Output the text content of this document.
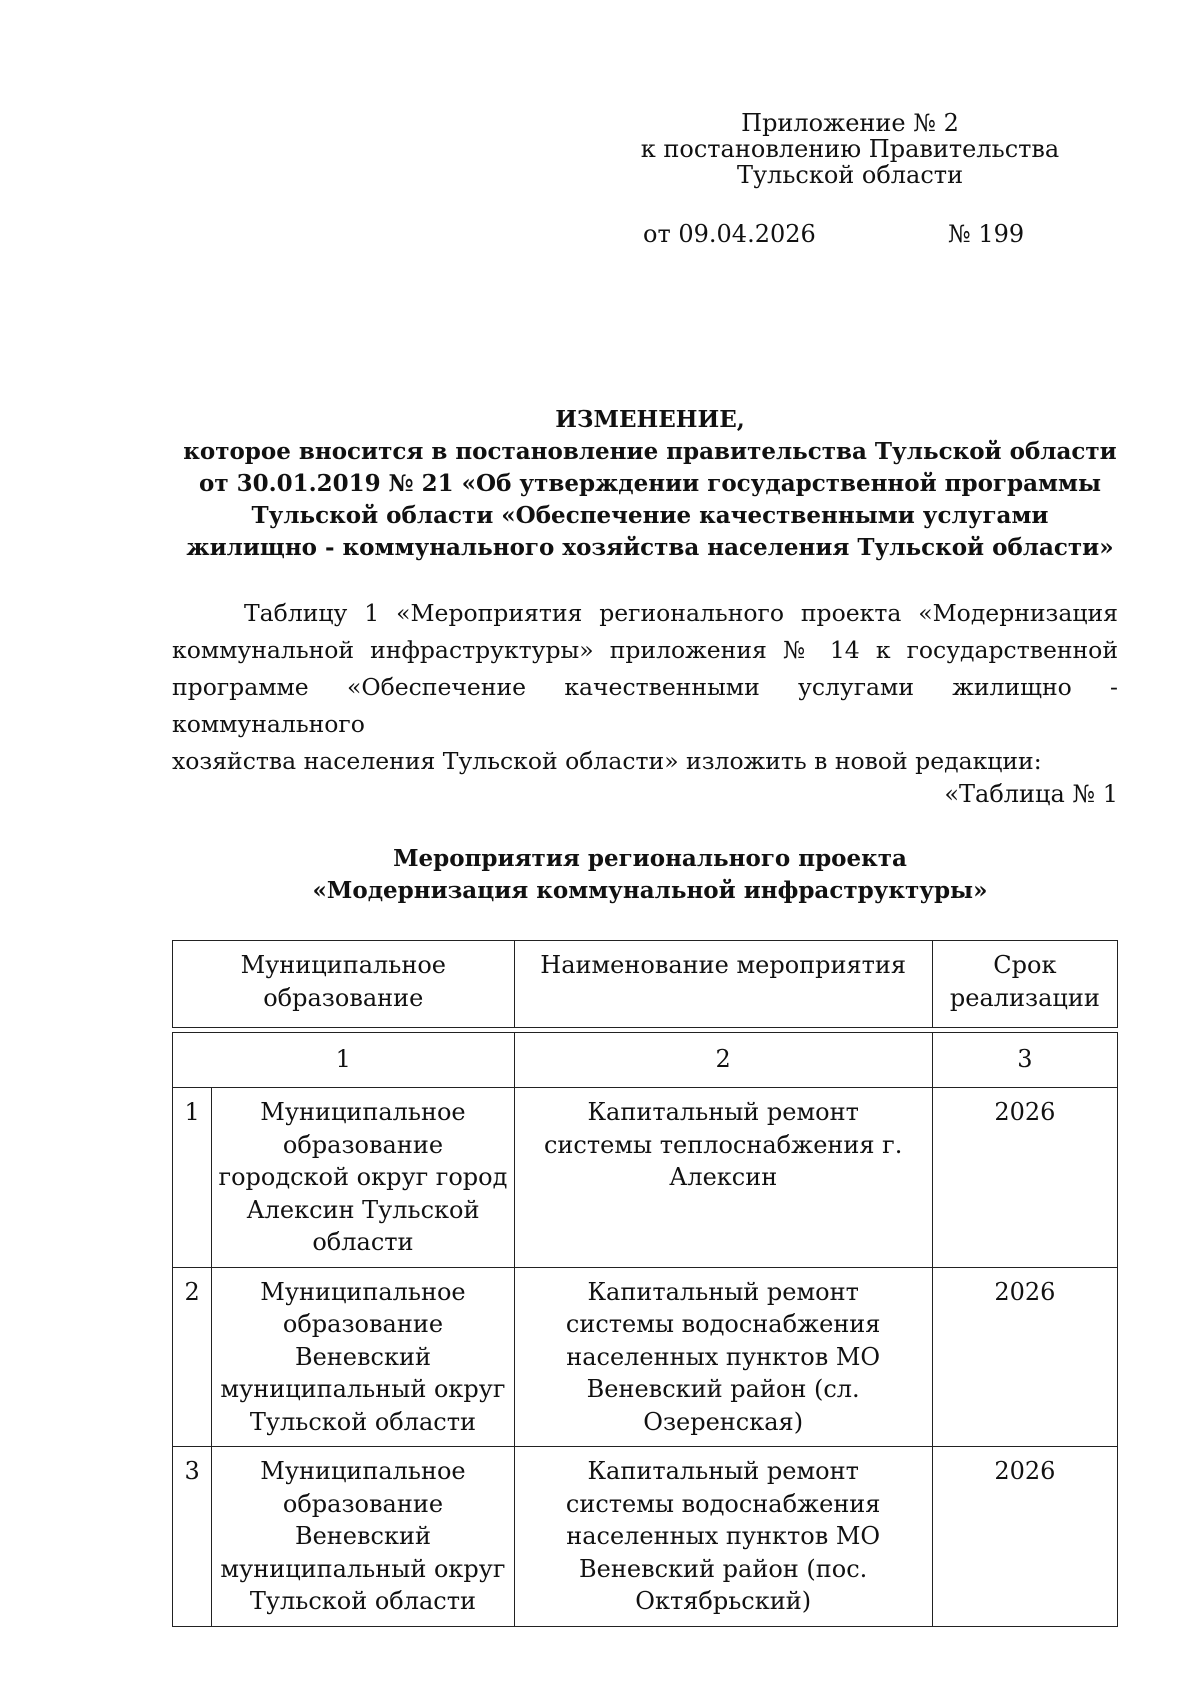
Приложение № 2
к постановлению Правительства
Тульской области
от 09.04.2026	№ 199
ИЗМЕНЕНИЕ,
которое вносится в постановление правительства Тульской области
от 30.01.2019 № 21 «Об утверждении государственной программы
Тульской области «Обеспечение качественными услугами
жилищно - коммунального хозяйства населения Тульской области»
Таблицу 1 «Мероприятия регионального проекта «Модернизация
коммунальной инфраструктуры» приложения № 14 к государственной
программе «Обеспечение качественными услугами жилищно - коммунального
хозяйства населения Тульской области» изложить в новой редакции:
«Таблица № 1
Мероприятия регионального проекта
«Модернизация коммунальной инфраструктуры»
Муниципальное образование		Наименование мероприятия	Срок реализации

1		2	3
1	Муниципальное образование городской округ город Алексин Тульской области	Капитальный ремонт системы теплоснабжения г. Алексин	2026
2	Муниципальное образование Веневский муниципальный округ Тульской области	Капитальный ремонт системы водоснабжения населенных пунктов МО Веневский район (сл. Озеренская)	2026
3	Муниципальное образование Веневский муниципальный округ Тульской области	Капитальный ремонт системы водоснабжения населенных пунктов МО Веневский район (пос. Октябрьский)	2026
